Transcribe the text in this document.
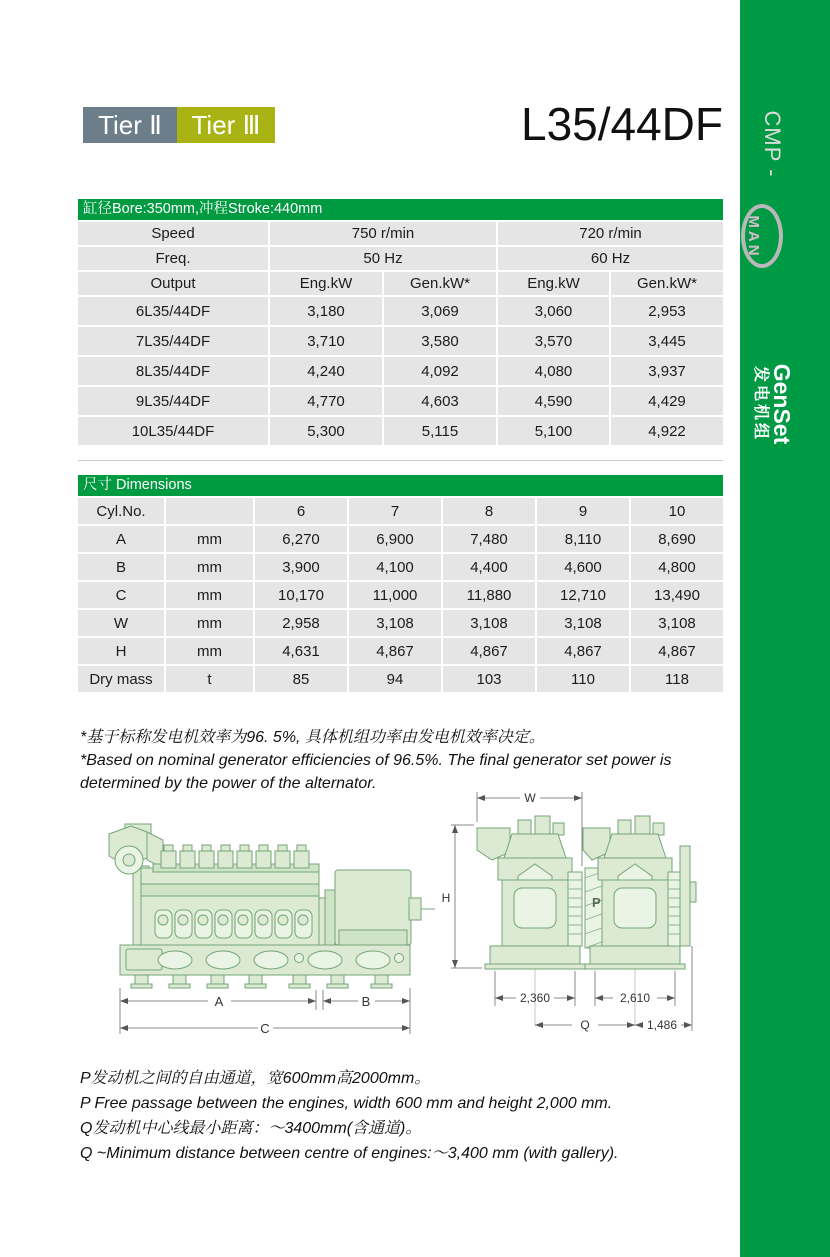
CMP -
MAN
GenSet
发电机组
Tier Ⅱ	Tier Ⅲ	L35/44DF
缸径Bore:350mm,冲程Stroke:440mm
Speed	750 r/min	720 r/min
Freq.	50 Hz	60 Hz
Output	Eng.kW	Gen.kW*	Eng.kW	Gen.kW*
6L35/44DF	3,180	3,069	3,060	2,953
7L35/44DF	3,710	3,580	3,570	3,445
8L35/44DF	4,240	4,092	4,080	3,937
9L35/44DF	4,770	4,603	4,590	4,429
10L35/44DF	5,300	5,115	5,100	4,922
尺寸 Dimensions
Cyl.No.	6	7	8	9	10
A	mm	6,270	6,900	7,480	8,110	8,690
B	mm	3,900	4,100	4,400	4,600	4,800
C	mm	10,170	11,000	11,880	12,710	13,490
W	mm	2,958	3,108	3,108	3,108	3,108
H	mm	4,631	4,867	4,867	4,867	4,867
Dry mass	t	85	94	103	110	118
*基于标称发电机效率为96. 5%, 具体机组功率由发电机效率决定。
*Based on nominal generator efficiencies of 96.5%. The final generator set power is
determined by the power of the alternator.
A	B
C
W
H
2,360	2,610
Q	1,486
P
P发动机之间的自由通道，宽600mm高2000mm。
P Free passage between the engines, width 600 mm and height 2,000 mm.
Q发动机中心线最小距离：～3400mm(含通道)。
Q ~Minimum distance between centre of engines:～3,400 mm (with gallery).
